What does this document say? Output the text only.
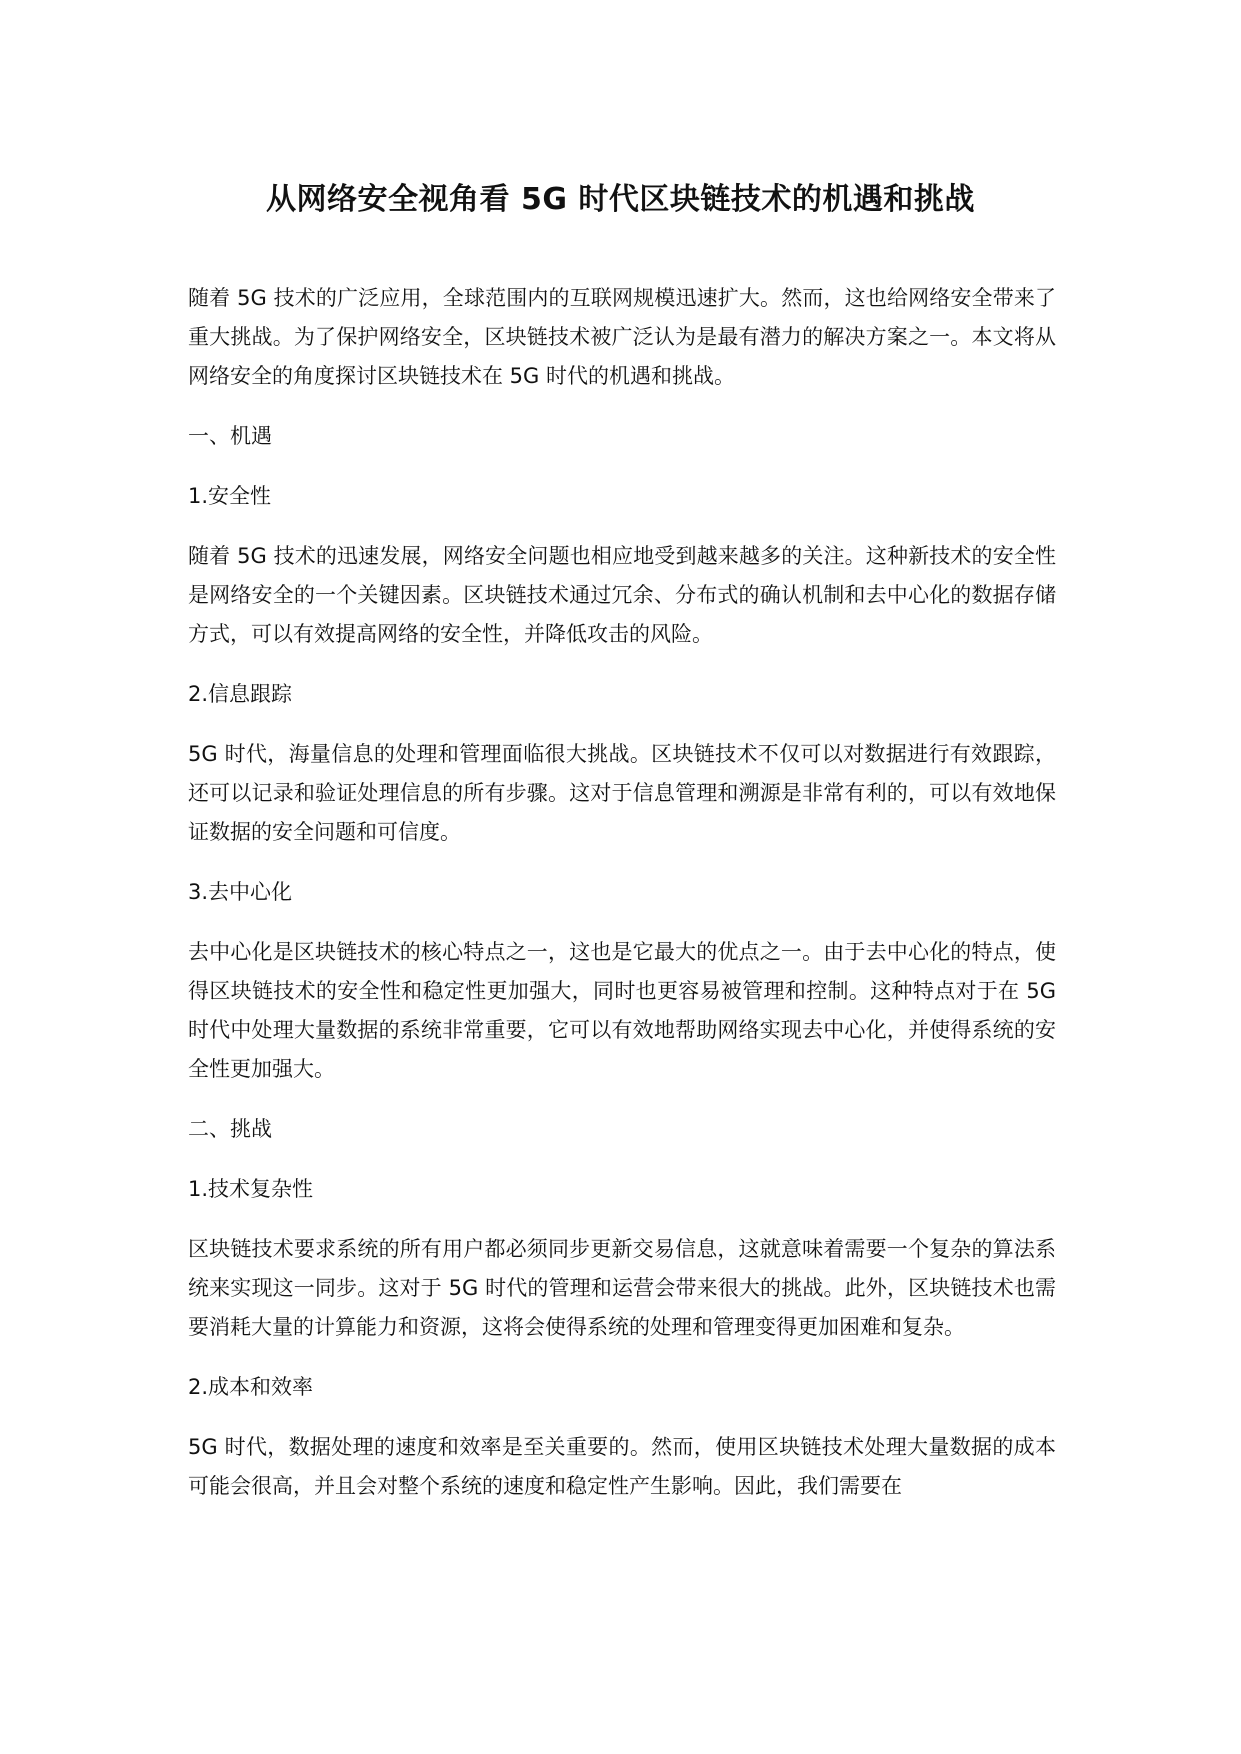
从网络安全视角看 5G 时代区块链技术的机遇和挑战

随着 5G 技术的广泛应用，全球范围内的互联网规模迅速扩大。然而，这也给网络安全带来了重大挑战。为了保护网络安全，区块链技术被广泛认为是最有潜力的解决方案之一。本文将从网络安全的角度探讨区块链技术在 5G 时代的机遇和挑战。

一、机遇
1.安全性

随着 5G 技术的迅速发展，网络安全问题也相应地受到越来越多的关注。这种新技术的安全性是网络安全的一个关键因素。区块链技术通过冗余、分布式的确认机制和去中心化的数据存储方式，可以有效提高网络的安全性，并降低攻击的风险。

2.信息跟踪

5G 时代，海量信息的处理和管理面临很大挑战。区块链技术不仅可以对数据进行有效跟踪，还可以记录和验证处理信息的所有步骤。这对于信息管理和溯源是非常有利的，可以有效地保证数据的安全问题和可信度。

3.去中心化

去中心化是区块链技术的核心特点之一，这也是它最大的优点之一。由于去中心化的特点，使得区块链技术的安全性和稳定性更加强大，同时也更容易被管理和控制。这种特点对于在 5G 时代中处理大量数据的系统非常重要，它可以有效地帮助网络实现去中心化，并使得系统的安全性更加强大。

二、挑战
1.技术复杂性

区块链技术要求系统的所有用户都必须同步更新交易信息，这就意味着需要一个复杂的算法系统来实现这一同步。这对于 5G 时代的管理和运营会带来很大的挑战。此外，区块链技术也需要消耗大量的计算能力和资源，这将会使得系统的处理和管理变得更加困难和复杂。

2.成本和效率

5G 时代，数据处理的速度和效率是至关重要的。然而，使用区块链技术处理大量数据的成本可能会很高，并且会对整个系统的速度和稳定性产生影响。因此，我们需要在
